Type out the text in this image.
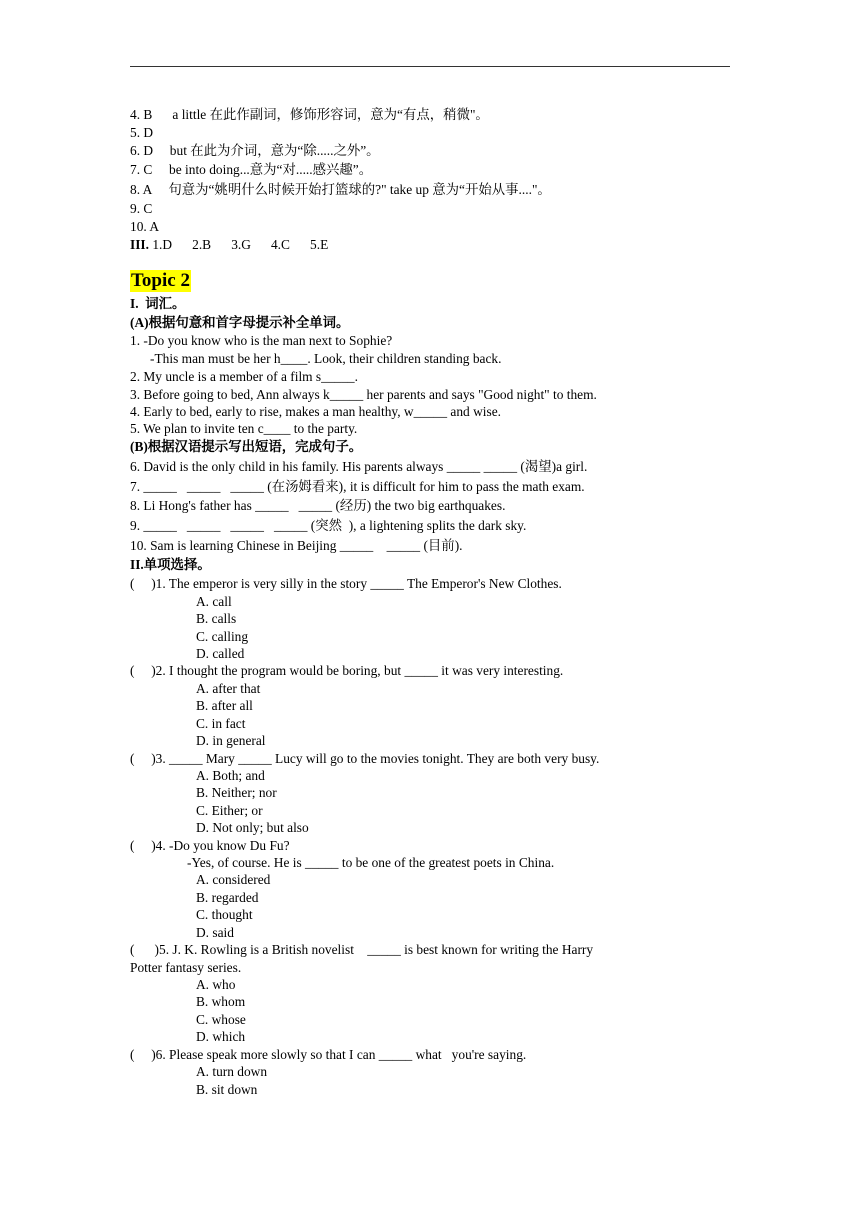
4. B      a little 在此作副词，修饰形容词，意为“有点，稍微"。
5. D
6. D     but 在此为介词，意为“除.....之外”。
7. C     be into doing...意为“对.....感兴趣”。
8. A     句意为“姚明什么时候开始打篮球的?" take up 意为“开始从事...."。
9. C
10. A
III. 1.D      2.B      3.G      4.C      5.E
Topic 2
I.  词汇。
(A)根据句意和首字母提示补全单词。
1. -Do you know who is the man next to Sophie?
-This man must be her h____. Look, their children standing back.
2. My uncle is a member of a film s_____.
3. Before going to bed, Ann always k_____ her parents and says "Good night" to them.
4. Early to bed, early to rise, makes a man healthy, w_____ and wise.
5. We plan to invite ten c____ to the party.
(B)根据汉语提示写出短语，完成句子。
6. David is the only child in his family. His parents always _____ _____ (渴望)a girl.
7. _____   _____   _____ (在汤姆看来), it is difficult for him to pass the math exam.
8. Li Hong's father has _____   _____ (经历) the two big earthquakes.
9. _____   _____   _____   _____ (突然  ), a lightening splits the dark sky.
10. Sam is learning Chinese in Beijing _____    _____ (目前).
II.单项选择。
(     )1. The emperor is very silly in the story _____ The Emperor's New Clothes.
A. call
B. calls
C. calling
D. called
(     )2. I thought the program would be boring, but _____ it was very interesting.
A. after that
B. after all
C. in fact
D. in general
(     )3. _____ Mary _____ Lucy will go to the movies tonight. They are both very busy.
A. Both; and
B. Neither; nor
C. Either; or
D. Not only; but also
(     )4. -Do you know Du Fu?
-Yes, of course. He is _____ to be one of the greatest poets in China.
A. considered
B. regarded
C. thought
D. said
(      )5. J. K. Rowling is a British novelist    _____ is best known for writing the Harry
Potter fantasy series.
A. who
B. whom
C. whose
D. which
(     )6. Please speak more slowly so that I can _____ what   you're saying.
A. turn down
B. sit down
